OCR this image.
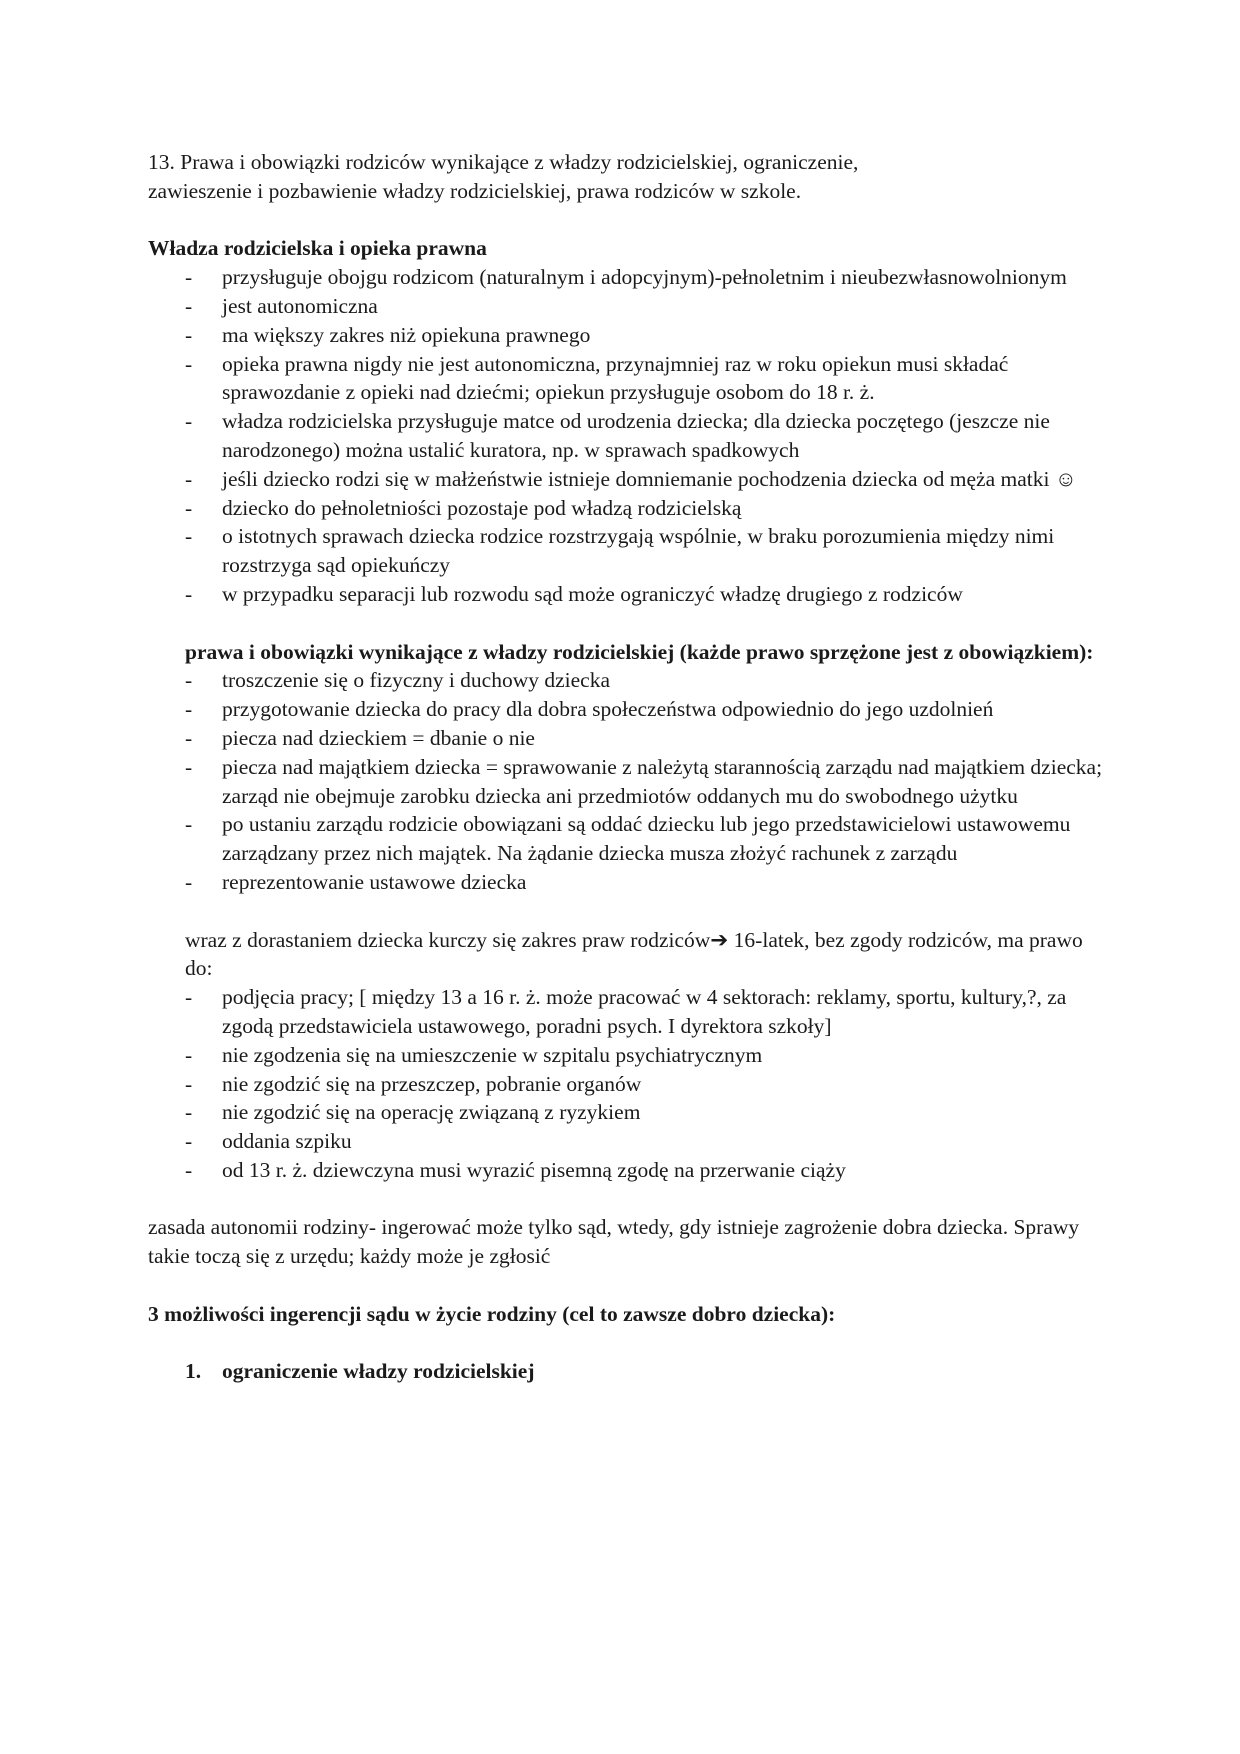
13. Prawa i obowiązki rodziców wynikające z władzy rodzicielskiej, ograniczenie,

zawieszenie i pozbawienie władzy rodzicielskiej, prawa rodziców w szkole.

Władza rodzicielska i opieka prawna

- przysługuje obojgu rodzicom (naturalnym i adopcyjnym)-pełnoletnim i nieubezwłasnowolnionym
- jest autonomiczna
- ma większy zakres niż opiekuna prawnego
- opieka prawna nigdy nie jest autonomiczna, przynajmniej raz w roku opiekun musi składać sprawozdanie z opieki nad dziećmi; opiekun przysługuje osobom do 18 r. ż.
- władza rodzicielska przysługuje matce od urodzenia dziecka; dla dziecka poczętego (jeszcze nie narodzonego) można ustalić kuratora, np. w sprawach spadkowych
- jeśli dziecko rodzi się w małżeństwie istnieje domniemanie pochodzenia dziecka od męża matki ☺
- dziecko do pełnoletniości pozostaje pod władzą rodzicielską
- o istotnych sprawach dziecka rodzice rozstrzygają wspólnie, w braku porozumienia między nimi rozstrzyga sąd opiekuńczy
- w przypadku separacji lub rozwodu sąd może ograniczyć władzę drugiego z rodziców

prawa i obowiązki wynikające z władzy rodzicielskiej (każde prawo sprzężone jest z obowiązkiem):

- troszczenie się o fizyczny i duchowy dziecka
- przygotowanie dziecka do pracy dla dobra społeczeństwa odpowiednio do jego uzdolnień
- piecza nad dzieckiem = dbanie o nie
- piecza nad majątkiem dziecka = sprawowanie z należytą starannością zarządu nad majątkiem dziecka; zarząd nie obejmuje zarobku dziecka ani przedmiotów oddanych mu do swobodnego użytku
- po ustaniu zarządu rodzicie obowiązani są oddać dziecku lub jego przedstawicielowi ustawowemu zarządzany przez nich majątek. Na żądanie dziecka musza złożyć rachunek z zarządu
- reprezentowanie ustawowe dziecka

wraz z dorastaniem dziecka kurczy się zakres praw rodziców➔ 16-latek, bez zgody rodziców, ma prawo do:

- podjęcia pracy; [ między 13 a 16 r. ż. może pracować w 4 sektorach: reklamy, sportu, kultury,?, za zgodą przedstawiciela ustawowego, poradni psych. I dyrektora szkoły]
- nie zgodzenia się na umieszczenie w szpitalu psychiatrycznym
- nie zgodzić się na przeszczep, pobranie organów
- nie zgodzić się na operację związaną z ryzykiem
- oddania szpiku
- od 13 r. ż. dziewczyna musi wyrazić pisemną zgodę na przerwanie ciąży

zasada autonomii rodziny- ingerować może tylko sąd, wtedy, gdy istnieje zagrożenie dobra dziecka. Sprawy takie toczą się z urzędu; każdy może je zgłosić

3 możliwości ingerencji sądu w życie rodziny (cel to zawsze dobro dziecka):

1. ograniczenie władzy rodzicielskiej
